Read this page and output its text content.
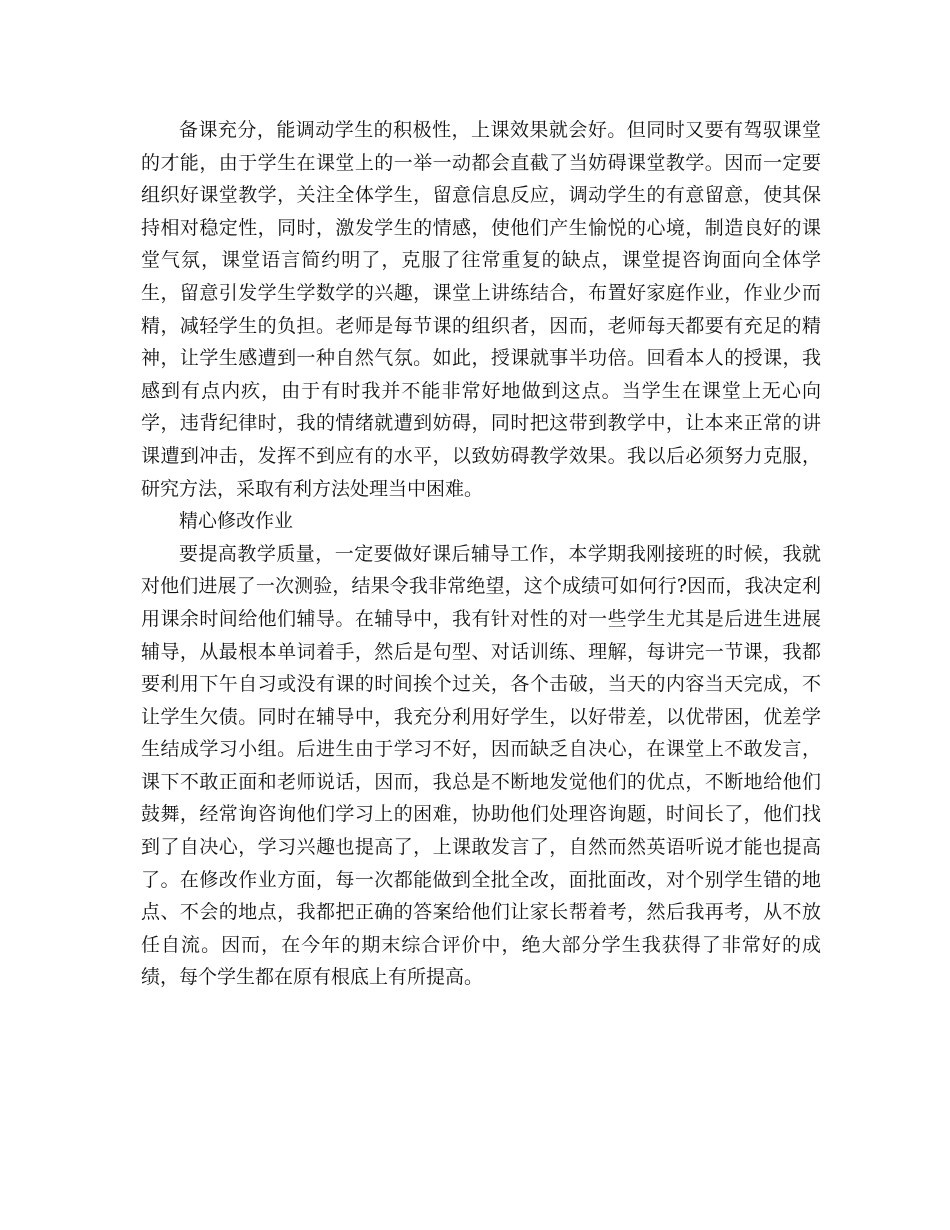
备课充分，能调动学生的积极性，上课效果就会好。但同时又要有驾驭课堂的才能，由于学生在课堂上的一举一动都会直截了当妨碍课堂教学。因而一定要组织好课堂教学，关注全体学生，留意信息反应，调动学生的有意留意，使其保持相对稳定性，同时，激发学生的情感，使他们产生愉悦的心境，制造良好的课堂气氛，课堂语言简约明了，克服了往常重复的缺点，课堂提咨询面向全体学生，留意引发学生学数学的兴趣，课堂上讲练结合，布置好家庭作业，作业少而精，减轻学生的负担。老师是每节课的组织者，因而，老师每天都要有充足的精神，让学生感遭到一种自然气氛。如此，授课就事半功倍。回看本人的授课，我感到有点内疚，由于有时我并不能非常好地做到这点。当学生在课堂上无心向学，违背纪律时，我的情绪就遭到妨碍，同时把这带到教学中，让本来正常的讲课遭到冲击，发挥不到应有的水平，以致妨碍教学效果。我以后必须努力克服，研究方法，采取有利方法处理当中困难。

精心修改作业

要提高教学质量，一定要做好课后辅导工作，本学期我刚接班的时候，我就对他们进展了一次测验，结果令我非常绝望，这个成绩可如何行?因而，我决定利用课余时间给他们辅导。在辅导中，我有针对性的对一些学生尤其是后进生进展辅导，从最根本单词着手，然后是句型、对话训练、理解，每讲完一节课，我都要利用下午自习或没有课的时间挨个过关，各个击破，当天的内容当天完成，不让学生欠债。同时在辅导中，我充分利用好学生，以好带差，以优带困，优差学生结成学习小组。后进生由于学习不好，因而缺乏自决心，在课堂上不敢发言，课下不敢正面和老师说话，因而，我总是不断地发觉他们的优点，不断地给他们鼓舞，经常询咨询他们学习上的困难，协助他们处理咨询题，时间长了，他们找到了自决心，学习兴趣也提高了，上课敢发言了，自然而然英语听说才能也提高了。在修改作业方面，每一次都能做到全批全改，面批面改，对个别学生错的地点、不会的地点，我都把正确的答案给他们让家长帮着考，然后我再考，从不放任自流。因而，在今年的期末综合评价中，绝大部分学生我获得了非常好的成绩，每个学生都在原有根底上有所提高。
